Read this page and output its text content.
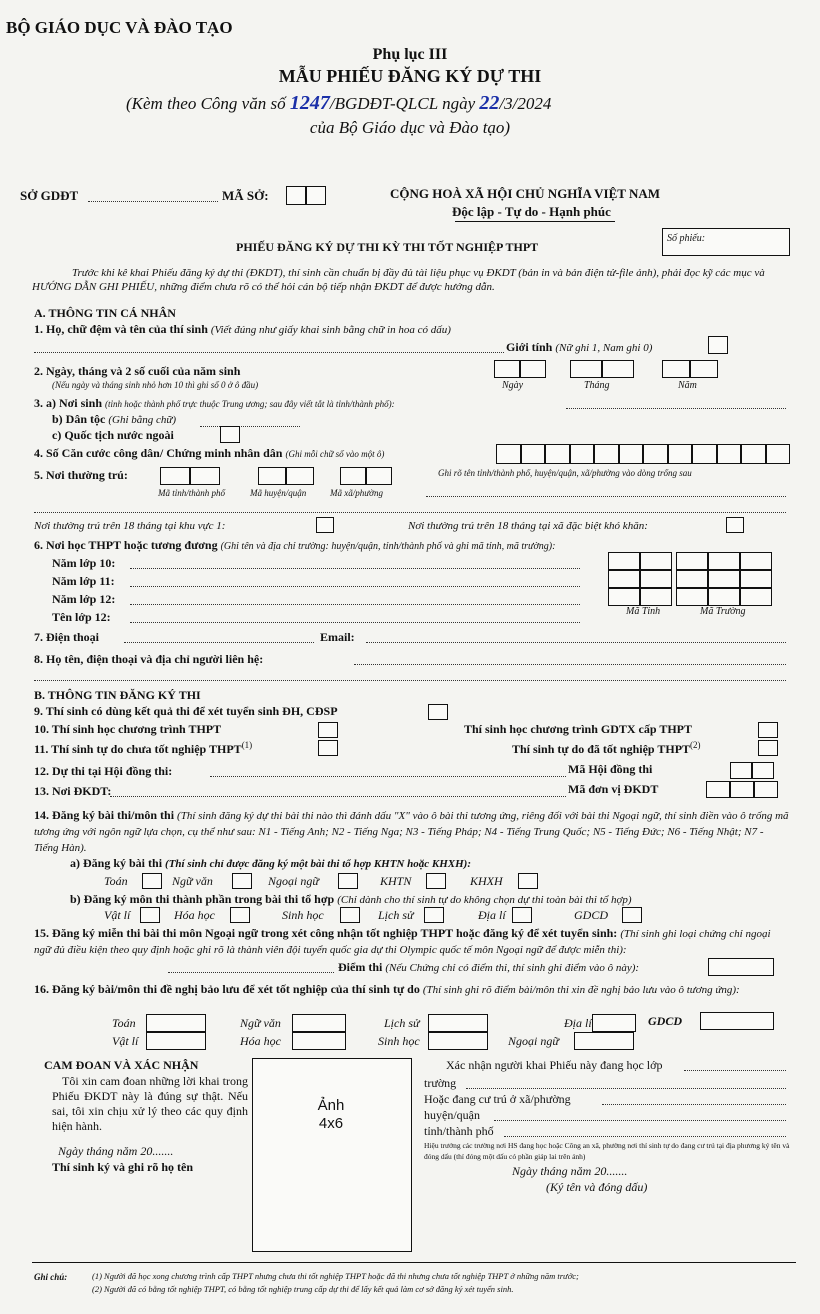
BỘ GIÁO DỤC VÀ ĐÀO TẠO
Phụ lục III
MẪU PHIẾU ĐĂNG KÝ DỰ THI
(Kèm theo Công văn số 1247/BGDĐT-QLCL ngày 22/3/2024
của Bộ Giáo dục và Đào tạo)
SỞ GDĐT	MÃ SỞ:	CỘNG HOÀ XÃ HỘI CHỦ NGHĨA VIỆT NAM
Độc lập - Tự do - Hạnh phúc
PHIẾU ĐĂNG KÝ DỰ THI KỲ THI TỐT NGHIỆP THPT
Số phiếu:
Trước khi kê khai Phiếu đăng ký dự thi (ĐKDT), thí sinh cần chuẩn bị đầy đủ tài liệu phục vụ ĐKDT (bản in và bản điện tử-file ảnh), phải đọc kỹ các mục và HƯỚNG DẪN GHI PHIẾU, những điểm chưa rõ có thể hỏi cán bộ tiếp nhận ĐKDT để được hướng dẫn.
A. THÔNG TIN CÁ NHÂN
1. Họ, chữ đệm và tên của thí sinh (Viết đúng như giấy khai sinh bằng chữ in hoa có dấu)
Giới tính (Nữ ghi 1, Nam ghi 0)
2. Ngày, tháng và 2 số cuối của năm sinh
(Nếu ngày và tháng sinh nhỏ hơn 10 thì ghi số 0 ở ô đầu)	Ngày	Tháng	Năm
3. a) Nơi sinh (tỉnh hoặc thành phố trực thuộc Trung ương; sau đây viết tắt là tỉnh/thành phố):
b) Dân tộc (Ghi bằng chữ)
c) Quốc tịch nước ngoài
4. Số Căn cước công dân/ Chứng minh nhân dân (Ghi mỗi chữ số vào một ô)
5. Nơi thường trú:	Ghi rõ tên tỉnh/thành phố, huyện/quận, xã/phường vào dòng trống sau
Mã tỉnh/thành phố	Mã huyện/quận	Mã xã/phường
Nơi thường trú trên 18 tháng tại khu vực 1:	Nơi thường trú trên 18 tháng tại xã đặc biệt khó khăn:
6. Nơi học THPT hoặc tương đương (Ghi tên và địa chỉ trường: huyện/quận, tỉnh/thành phố và ghi mã tỉnh, mã trường):
Năm lớp 10:
Năm lớp 11:
Năm lớp 12:
Tên lớp 12:	Mã Tỉnh	Mã Trường
7. Điện thoại	Email:
8. Họ tên, điện thoại và địa chỉ người liên hệ:
B. THÔNG TIN ĐĂNG KÝ THI
9. Thí sinh có dùng kết quả thi để xét tuyển sinh ĐH, CĐSP
10. Thí sinh học chương trình THPT	Thí sinh học chương trình GDTX cấp THPT
11. Thí sinh tự do chưa tốt nghiệp THPT$^{(1)}$	Thí sinh tự do đã tốt nghiệp THPT$^{(2)}$
12. Dự thi tại Hội đồng thi:	Mã Hội đồng thi
13. Nơi ĐKDT:	Mã đơn vị ĐKDT
14. Đăng ký bài thi/môn thi (Thí sinh đăng ký dự thi bài thi nào thì đánh dấu "X" vào ô bài thi tương ứng, riêng đối với bài thi Ngoại ngữ, thí sinh điền vào ô trống mã tương ứng với ngôn ngữ lựa chọn, cụ thể như sau: N1 - Tiếng Anh; N2 - Tiếng Nga; N3 - Tiếng Pháp; N4 - Tiếng Trung Quốc; N5 - Tiếng Đức; N6 - Tiếng Nhật; N7 - Tiếng Hàn).
a) Đăng ký bài thi (Thí sinh chỉ được đăng ký một bài thi tổ hợp KHTN hoặc KHXH):
Toán	Ngữ văn	Ngoại ngữ	KHTN	KHXH
b) Đăng ký môn thi thành phần trong bài thi tổ hợp (Chỉ dành cho thí sinh tự do không chọn dự thi toàn bài thi tổ hợp)
Vật lí	Hóa học	Sinh học	Lịch sử	Địa lí	GDCD
15. Đăng ký miễn thi bài thi môn Ngoại ngữ trong xét công nhận tốt nghiệp THPT hoặc đăng ký để xét tuyển sinh: (Thí sinh ghi loại chứng chỉ ngoại ngữ đủ điều kiện theo quy định hoặc ghi rõ là thành viên đội tuyển quốc gia dự thi Olympic quốc tế môn Ngoại ngữ để được miễn thi):
Điểm thi (Nếu Chứng chỉ có điểm thi, thí sinh ghi điểm vào ô này):
16. Đăng ký bài/môn thi đề nghị bảo lưu để xét tốt nghiệp của thí sinh tự do (Thí sinh ghi rõ điểm bài/môn thi xin đề nghị bảo lưu vào ô tương ứng):
Toán	Ngữ văn	Lịch sử	Địa lí	GDCD
Vật lí	Hóa học	Sinh học	Ngoại ngữ
CAM ĐOAN VÀ XÁC NHẬN
Tôi xin cam đoan những lời khai trong Phiếu ĐKDT này là đúng sự thật. Nếu sai, tôi xin chịu xử lý theo các quy định hiện hành.
Ngày tháng năm 20.......
Thí sinh ký và ghi rõ họ tên
Ảnh
4x6
Xác nhận người khai Phiếu này đang học lớp
trường
Hoặc đang cư trú ở xã/phường
huyện/quận
tỉnh/thành phố
Hiệu trưởng các trường nơi HS đang học hoặc Công an xã, phường nơi thí sinh tự do đang cư trú tại địa phương ký tên và đóng dấu (thí đóng một dấu có phần giáp lai trên ảnh)
Ngày tháng năm 20.......
(Ký tên và đóng dấu)
Ghi chú:	(1) Người đã học xong chương trình cấp THPT nhưng chưa thi tốt nghiệp THPT hoặc đã thi nhưng chưa tốt nghiệp THPT ở những năm trước;
(2) Người đã có bằng tốt nghiệp THPT, có bằng tốt nghiệp trung cấp dự thi để lấy kết quả làm cơ sở đăng ký xét tuyển sinh.
